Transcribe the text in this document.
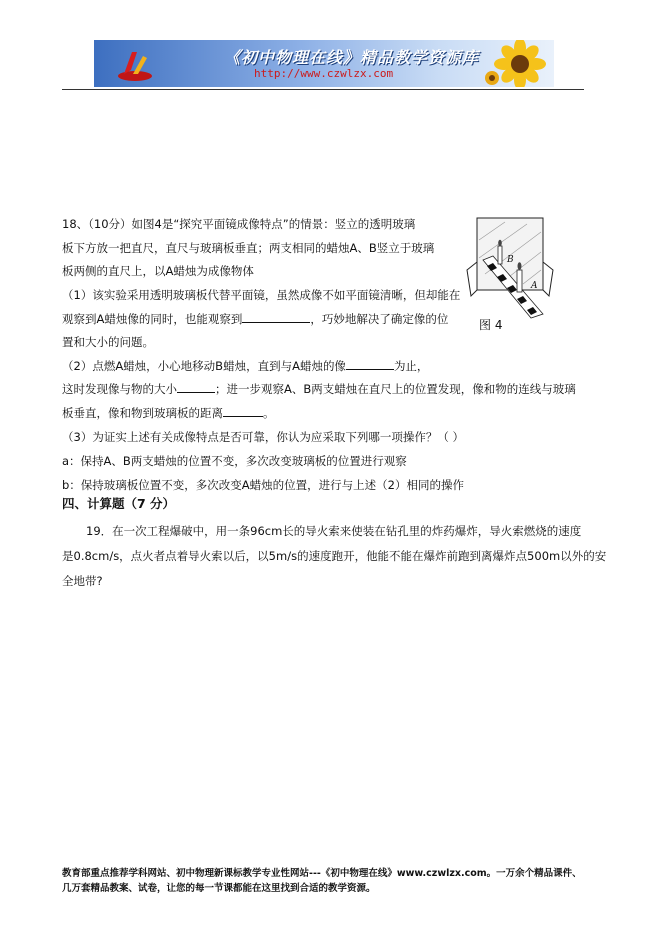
《初中物理在线》精品教学资源库
http://www.czwlzx.com
18、（10分）如图4是“探究平面镜成像特点”的情景：竖立的透明玻璃
板下方放一把直尺，直尺与玻璃板垂直；两支相同的蜡烛A、B竖立于玻璃
板两侧的直尺上，以A蜡烛为成像物体
（1）该实验采用透明玻璃板代替平面镜，虽然成像不如平面镜清晰，但却能在
观察到A蜡烛像的同时，也能观察到	，巧妙地解决了确定像的位
置和大小的问题。
（2）点燃A蜡烛，小心地移动B蜡烛，直到与A蜡烛的像	为止，
这时发现像与物的大小	；进一步观察A、B两支蜡烛在直尺上的位置发现，像和物的连线与玻璃
板垂直，像和物到玻璃板的距离	。
（3）为证实上述有关成像特点是否可靠，你认为应采取下列哪一项操作？（ ）
a：保持A、B两支蜡烛的位置不变，多次改变玻璃板的位置进行观察
b：保持玻璃板位置不变，多次改变A蜡烛的位置，进行与上述（2）相同的操作
B
A
图 4
四、计算题（7 分）
19．在一次工程爆破中，用一条96cm长的导火索来使装在钻孔里的炸药爆炸，导火索燃烧的速度
是0.8cm/s，点火者点着导火索以后，以5m/s的速度跑开，他能不能在爆炸前跑到离爆炸点500m以外的安
全地带?
教育部重点推荐学科网站、初中物理新课标教学专业性网站---《初中物理在线》www.czwlzx.com。一万余个精品课件、
几万套精品教案、试卷，让您的每一节课都能在这里找到合适的教学资源。
